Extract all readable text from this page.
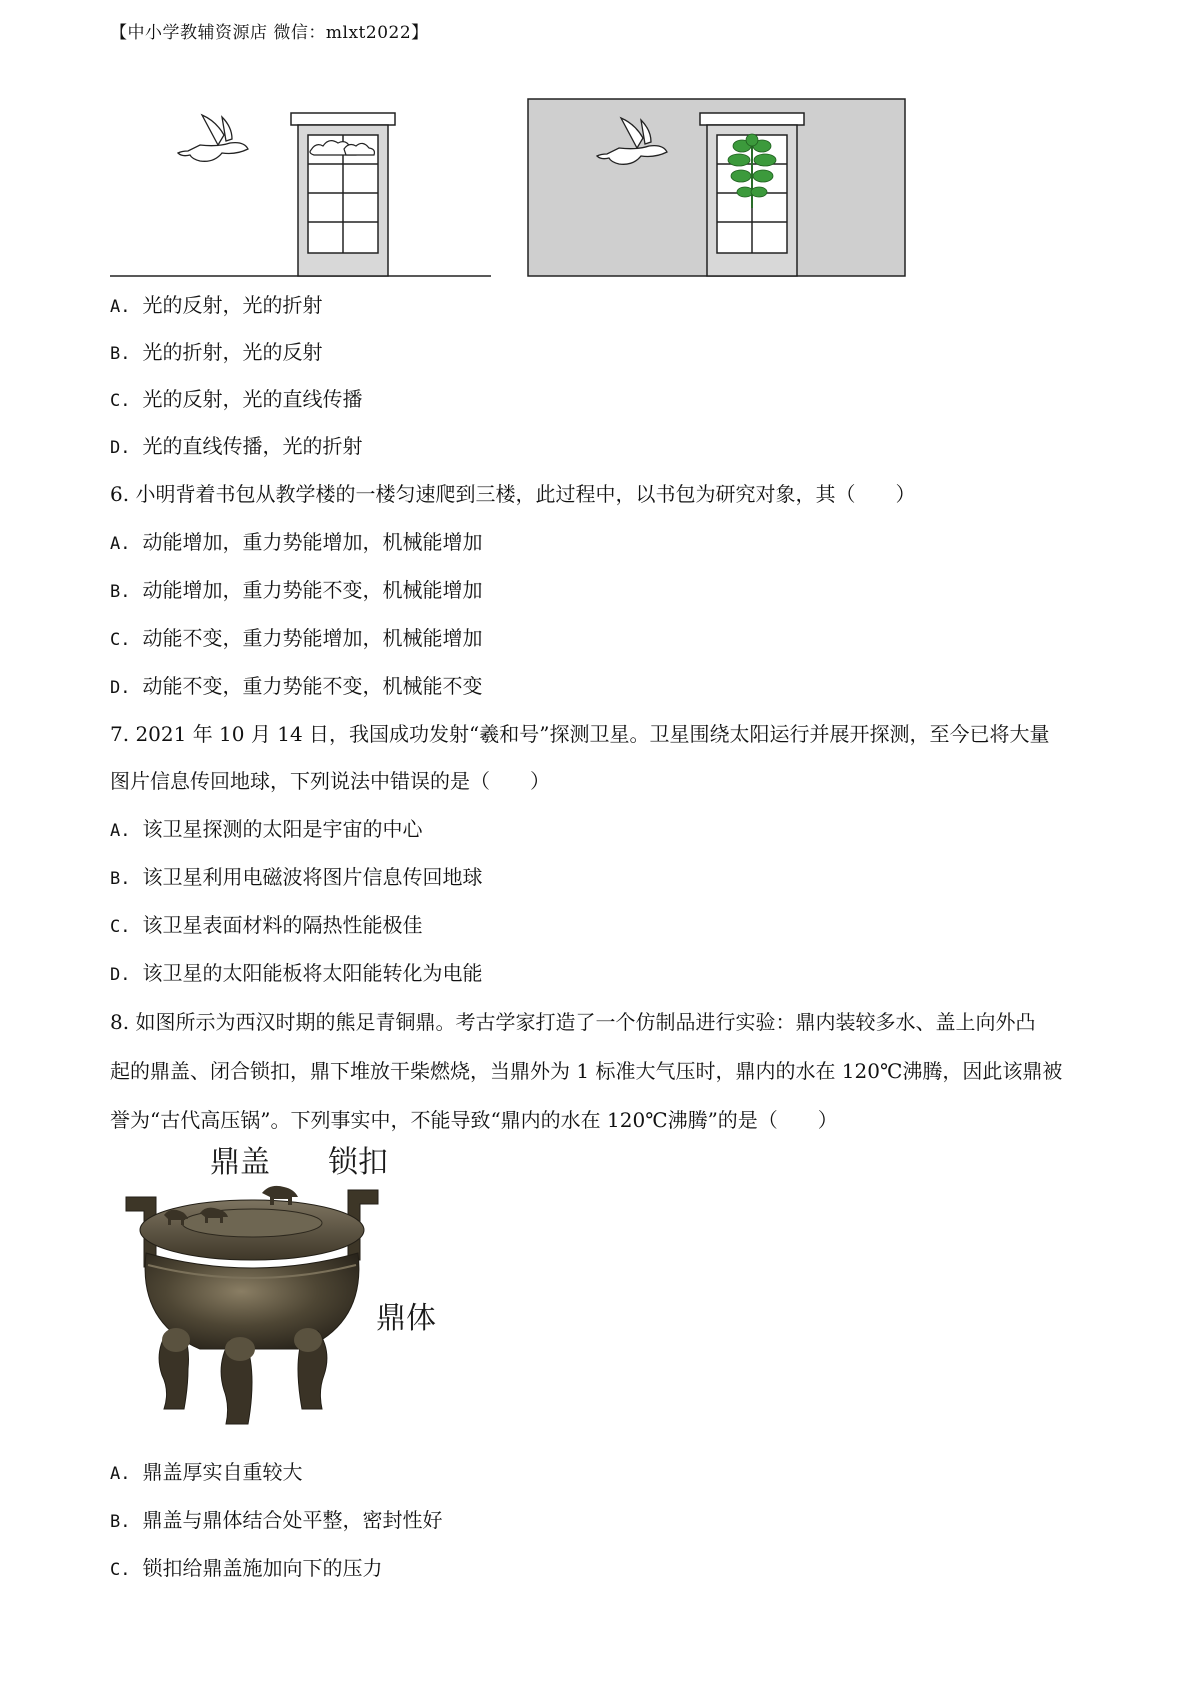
【中小学教辅资源店 微信：mlxt2022】
A. 光的反射，光的折射
B. 光的折射，光的反射
C. 光的反射，光的直线传播
D. 光的直线传播，光的折射
6. 小明背着书包从教学楼的一楼匀速爬到三楼，此过程中，以书包为研究对象，其（　　）
A. 动能增加，重力势能增加，机械能增加
B. 动能增加，重力势能不变，机械能增加
C. 动能不变，重力势能增加，机械能增加
D. 动能不变，重力势能不变，机械能不变
7. 2021 年 10 月 14 日，我国成功发射“羲和号”探测卫星。卫星围绕太阳运行并展开探测，至今已将大量
图片信息传回地球，下列说法中错误的是（　　）
A. 该卫星探测的太阳是宇宙的中心
B. 该卫星利用电磁波将图片信息传回地球
C. 该卫星表面材料的隔热性能极佳
D. 该卫星的太阳能板将太阳能转化为电能
8. 如图所示为西汉时期的熊足青铜鼎。考古学家打造了一个仿制品进行实验：鼎内装较多水、盖上向外凸
起的鼎盖、闭合锁扣，鼎下堆放干柴燃烧，当鼎外为 1 标准大气压时，鼎内的水在 120℃沸腾，因此该鼎被
誉为“古代高压锅”。下列事实中，不能导致“鼎内的水在 120℃沸腾”的是（　　）
鼎盖 锁扣
鼎体
A. 鼎盖厚实自重较大
B. 鼎盖与鼎体结合处平整，密封性好
C. 锁扣给鼎盖施加向下的压力
